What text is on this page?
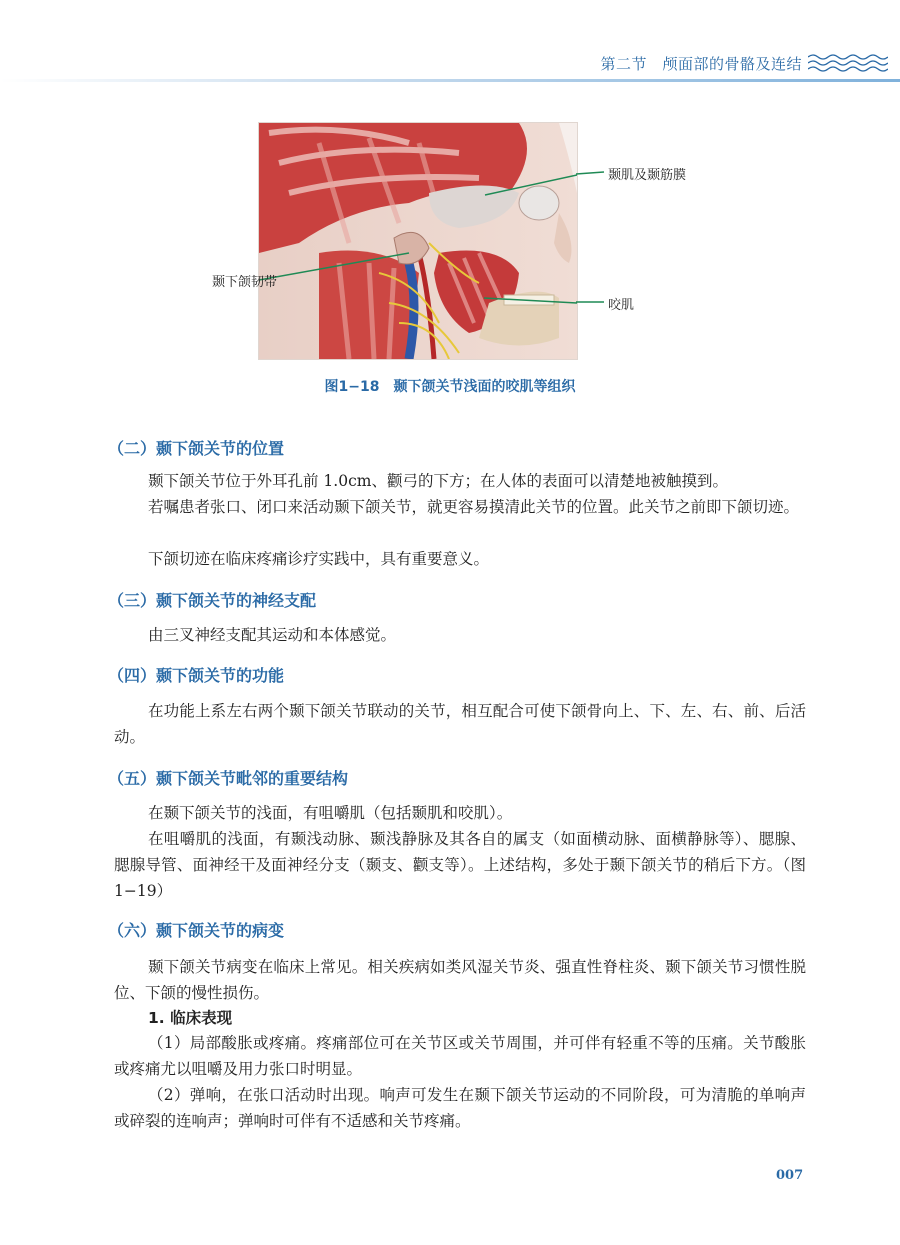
第二节　颅面部的骨骼及连结
颞肌及颞筋膜
颞下颌韧带
咬肌
图1−18　颞下颌关节浅面的咬肌等组织
（二）颞下颌关节的位置
颞下颌关节位于外耳孔前 1.0cm、颧弓的下方；在人体的表面可以清楚地被触摸到。
若嘱患者张口、闭口来活动颞下颌关节，就更容易摸清此关节的位置。此关节之前即下颌切迹。
下颌切迹在临床疼痛诊疗实践中，具有重要意义。
（三）颞下颌关节的神经支配
由三叉神经支配其运动和本体感觉。
（四）颞下颌关节的功能
在功能上系左右两个颞下颌关节联动的关节，相互配合可使下颌骨向上、下、左、右、前、后活动。
（五）颞下颌关节毗邻的重要结构
在颞下颌关节的浅面，有咀嚼肌（包括颞肌和咬肌）。
在咀嚼肌的浅面，有颞浅动脉、颞浅静脉及其各自的属支（如面横动脉、面横静脉等）、腮腺、腮腺导管、面神经干及面神经分支（颞支、颧支等）。上述结构，多处于颞下颌关节的稍后下方。（图 1−19）
（六）颞下颌关节的病变
颞下颌关节病变在临床上常见。相关疾病如类风湿关节炎、强直性脊柱炎、颞下颌关节习惯性脱位、下颌的慢性损伤。
1. 临床表现
（1）局部酸胀或疼痛。疼痛部位可在关节区或关节周围，并可伴有轻重不等的压痛。关节酸胀或疼痛尤以咀嚼及用力张口时明显。
（2）弹响，在张口活动时出现。响声可发生在颞下颌关节运动的不同阶段，可为清脆的单响声或碎裂的连响声；弹响时可伴有不适感和关节疼痛。
007
